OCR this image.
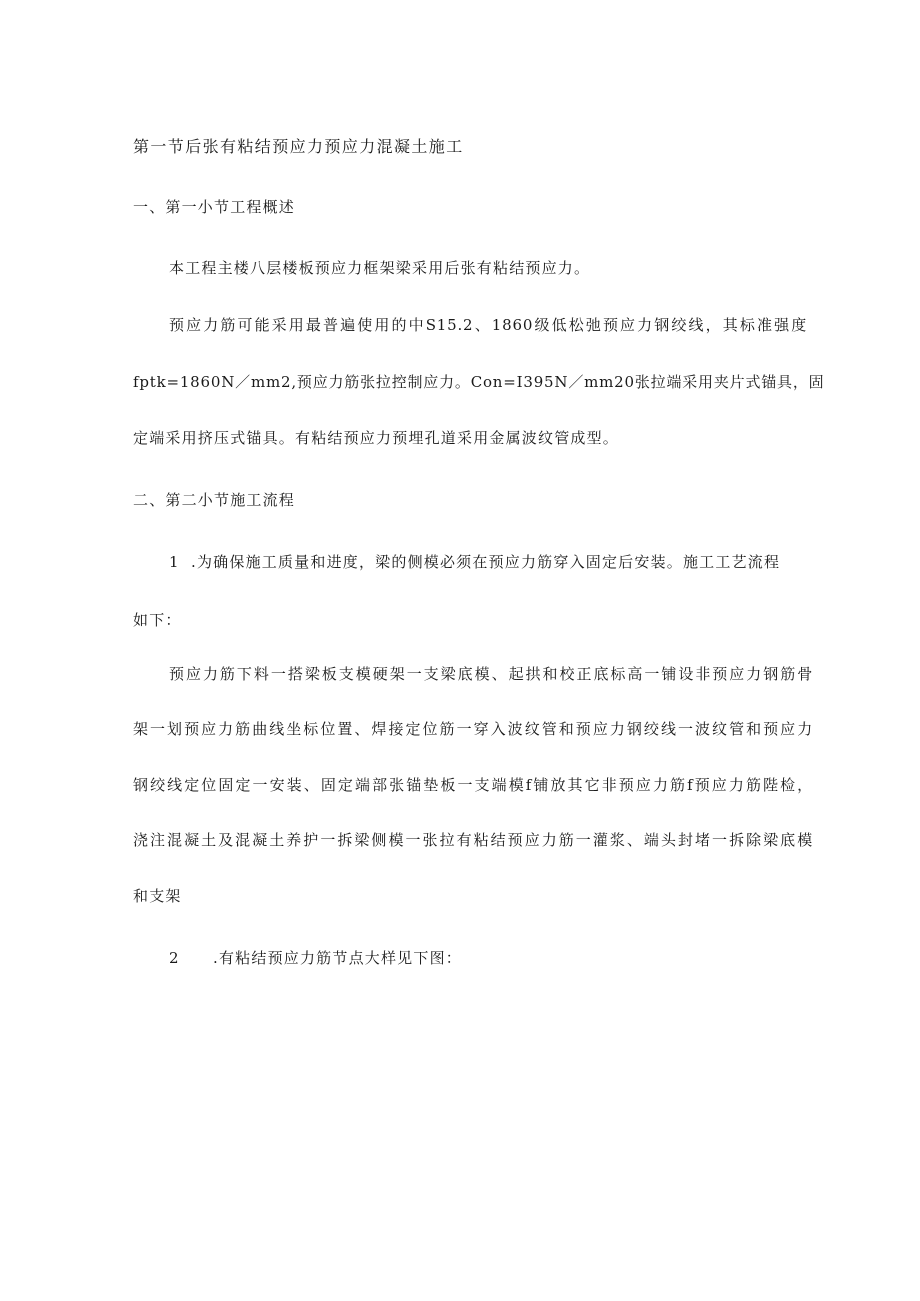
第一节后张有粘结预应力预应力混凝土施工
一、第一小节工程概述
本工程主楼八层楼板预应力框架梁采用后张有粘结预应力。
预应力筋可能采用最普遍使用的中S15.2、1860级低松弛预应力钢绞线，其标准强度
fptk=1860N／mm2,预应力筋张拉控制应力。Con=I395N／mm20张拉端采用夹片式锚具，固
定端采用挤压式锚具。有粘结预应力预埋孔道采用金属波纹管成型。
二、第二小节施工流程
1 .为确保施工质量和进度，梁的侧模必须在预应力筋穿入固定后安装。施工工艺流程
如下：
预应力筋下料一搭梁板支模硬架一支梁底模、起拱和校正底标高一铺设非预应力钢筋骨
架一划预应力筋曲线坐标位置、焊接定位筋一穿入波纹管和预应力钢绞线一波纹管和预应力
钢绞线定位固定一安装、固定端部张锚垫板一支端模f铺放其它非预应力筋f预应力筋陛检，
浇注混凝土及混凝土养护一拆梁侧模一张拉有粘结预应力筋一灌浆、端头封堵一拆除梁底模
和支架
2 .有粘结预应力筋节点大样见下图：
